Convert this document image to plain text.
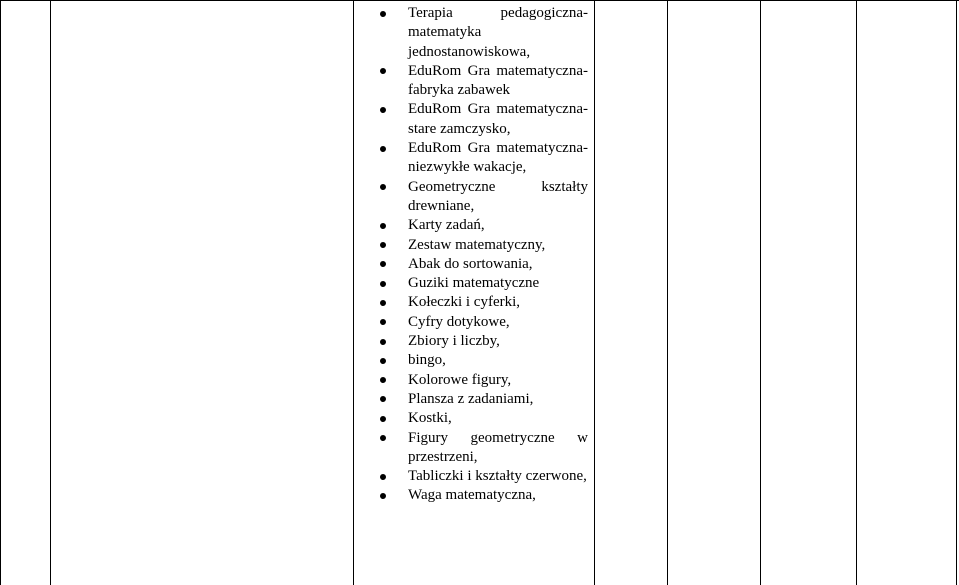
Terapia pedagogiczna- matematyka jednostanowiskowa,
EduRom Gra matematyczna- fabryka zabawek
EduRom Gra matematyczna- stare zamczysko,
EduRom Gra matematyczna- niezwykłe wakacje,
Geometryczne kształty drewniane,
Karty zadań,
Zestaw matematyczny,
Abak do sortowania,
Guziki matematyczne
Kołeczki i cyferki,
Cyfry dotykowe,
Zbiory i liczby,
bingo,
Kolorowe figury,
Plansza z zadaniami,
Kostki,
Figury geometryczne w przestrzeni,
Tabliczki i kształty czerwone,
Waga matematyczna,
